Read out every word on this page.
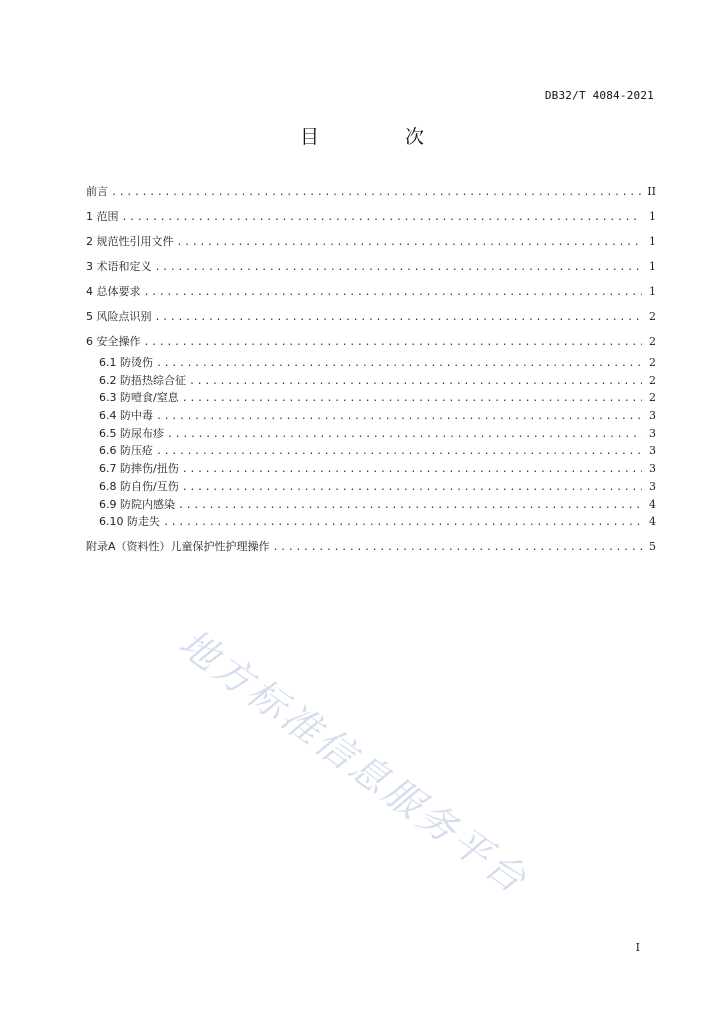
DB32/T 4084-2021
目 次
前言 .....	II
1 范围 .....	1
2 规范性引用文件 .....	1
3 术语和定义 .....	1
4 总体要求 .....	1
5 风险点识别 .....	2
6 安全操作 .....	2
6.1 防烫伤 .....	2
6.2 防捂热综合征 .....	2
6.3 防噎食/窒息 .....	2
6.4 防中毒 .....	3
6.5 防尿布疹 .....	3
6.6 防压疮 .....	3
6.7 防摔伤/扭伤 .....	3
6.8 防自伤/互伤 .....	3
6.9 防院内感染 .....	4
6.10 防走失 .....	4
附录A（资料性）儿童保护性护理操作 .....	5
地方标准信息服务平台
I
